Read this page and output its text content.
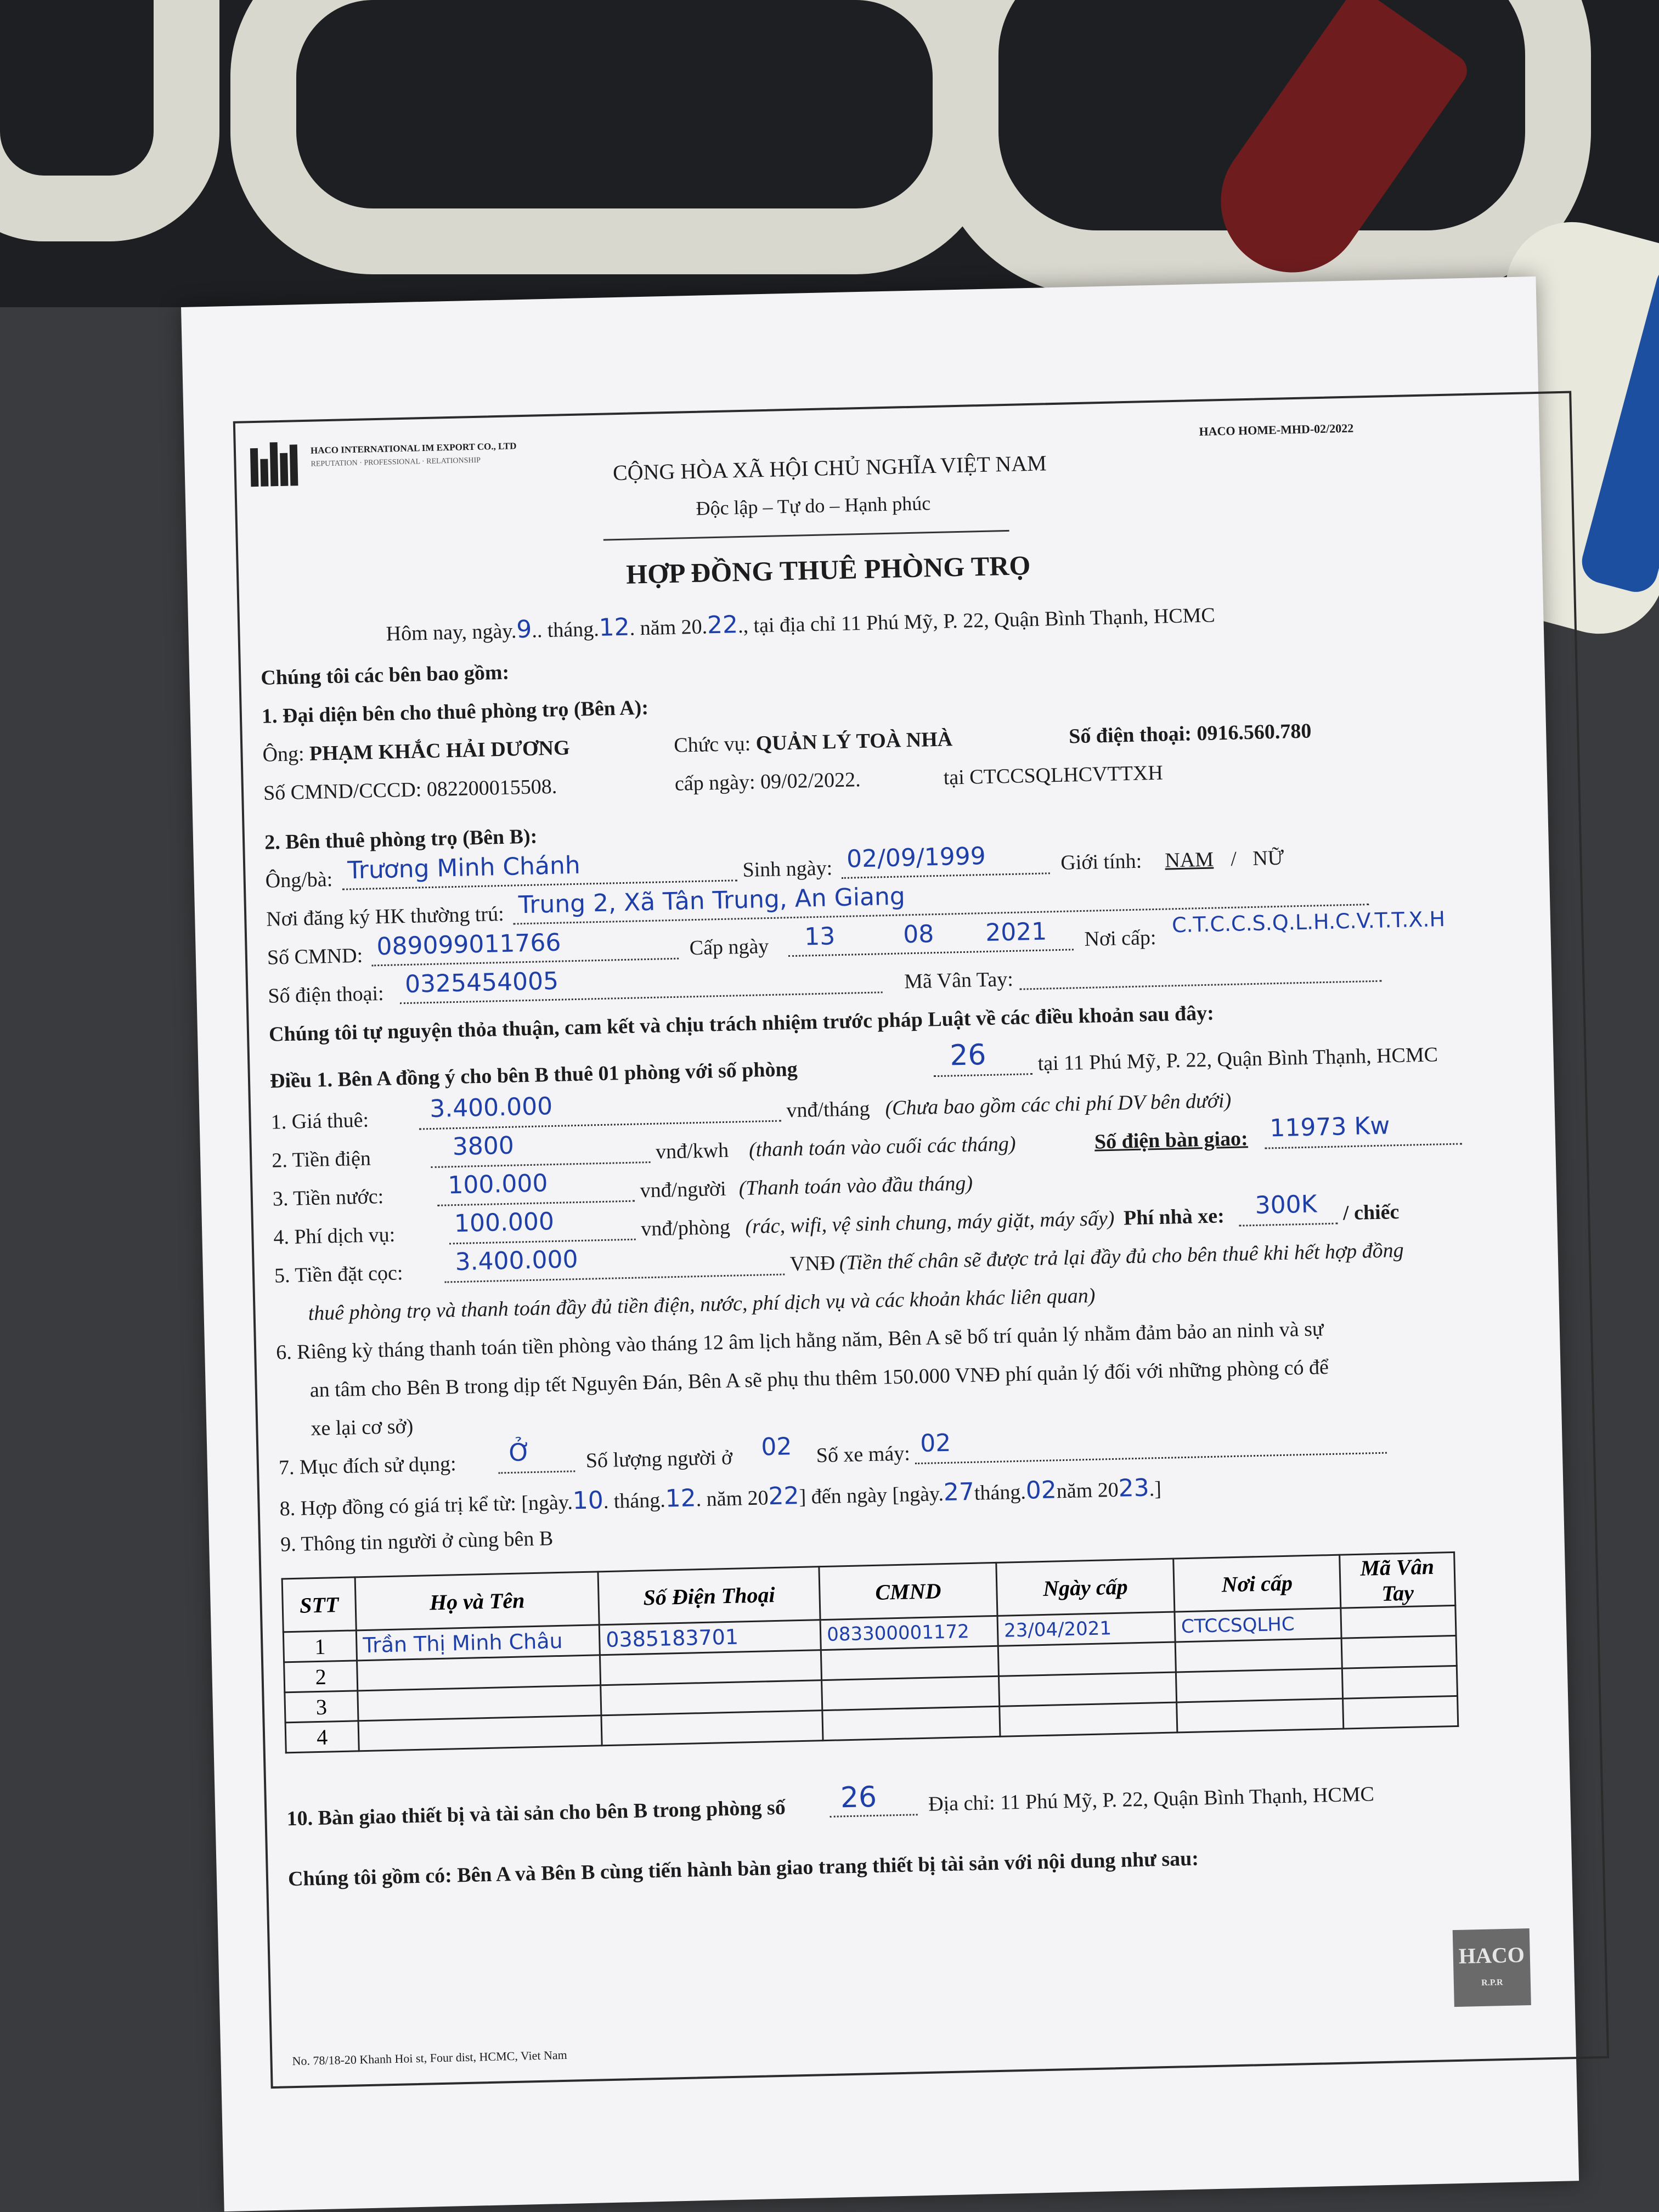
HACO INTERNATIONAL IM EXPORT CO., LTD
REPUTATION · PROFESSIONAL · RELATIONSHIP
HACO HOME-MHD-02/2022
CỘNG HÒA XÃ HỘI CHỦ NGHĨA VIỆT NAM
Độc lập – Tự do – Hạnh phúc
HỢP ĐỒNG THUÊ PHÒNG TRỌ
Hôm nay, ngày.9.. tháng.12. năm 20.22., tại địa chỉ 11 Phú Mỹ, P. 22, Quận Bình Thạnh, HCMC
Chúng tôi các bên bao gồm:
1. Đại diện bên cho thuê phòng trọ (Bên A):
Ông: PHẠM KHẮC HẢI DƯƠNG	Chức vụ: QUẢN LÝ TOÀ NHÀ	Số điện thoại: 0916.560.780
Số CMND/CCCD: 082200015508.	cấp ngày: 09/02/2022.	tại CTCCSQLHCVTTXH
2. Bên thuê phòng trọ (Bên B):
Ông/bà: Trương Minh Chánh	Sinh ngày: 02/09/1999	Giới tính: NAM / NỮ
Nơi đăng ký HK thường trú: Trung 2, Xã Tân Trung, An Giang
Số CMND: 089099011766	Cấp ngày 13	08 2021 Nơi cấp:
C.T.C.C.S.Q.L.H.C.V.T.T.X.H
Số điện thoại: 0325454005	Mã Vân Tay:
Chúng tôi tự nguyện thỏa thuận, cam kết và chịu trách nhiệm trước pháp Luật về các điều khoản sau đây:
Điều 1. Bên A đồng ý cho bên B thuê 01 phòng với số phòng
26 tại 11 Phú Mỹ, P. 22, Quận Bình Thạnh, HCMC
1. Giá thuê:	3.400.000	vnđ/tháng (Chưa bao gồm các chi phí DV bên dưới)
2. Tiền điện	3800	vnđ/kwh (thanh toán vào cuối các tháng)	Số điện bàn giao: 11973 Kw
3. Tiền nước:	100.000	vnđ/người (Thanh toán vào đầu tháng)
4. Phí dịch vụ: 100.000	vnđ/phòng (rác, wifi, vệ sinh chung, máy giặt, máy sấy) Phí nhà xe: 300K / chiếc
5. Tiền đặt cọc: 3.400.000	VNĐ (Tiền thế chân sẽ được trả lại đầy đủ cho bên thuê khi hết hợp đồng
thuê phòng trọ và thanh toán đầy đủ tiền điện, nước, phí dịch vụ và các khoản khác liên quan)
6. Riêng kỳ tháng thanh toán tiền phòng vào tháng 12 âm lịch hằng năm, Bên A sẽ bố trí quản lý nhằm đảm bảo an ninh và sự
an tâm cho Bên B trong dịp tết Nguyên Đán, Bên A sẽ phụ thu thêm 150.000 VNĐ phí quản lý đối với những phòng có để
xe lại cơ sở)
7. Mục đích sử dụng: Ở	Số lượng người ở 02 Số xe máy: 02
8. Hợp đồng có giá trị kể từ: [ngày.10. tháng.12. năm 2022] đến ngày [ngày.27tháng.02năm 2023.]
9. Thông tin người ở cùng bên B
STT	Họ và Tên	Số Điện Thoại	CMND	Ngày cấp	Nơi cấp	Mã Vân Tay
1	Trần Thị Minh Châu	0385183701	083300001172	23/04/2021	CTCCSQLHC	
2						
3						
4						
10. Bàn giao thiết bị và tài sản cho bên B trong phòng số 26 Địa chỉ: 11 Phú Mỹ, P. 22, Quận Bình Thạnh, HCMC
Chúng tôi gồm có: Bên A và Bên B cùng tiến hành bàn giao trang thiết bị tài sản với nội dung như sau:
HACO
R.P.R
No. 78/18-20 Khanh Hoi st, Four dist, HCMC, Viet Nam
